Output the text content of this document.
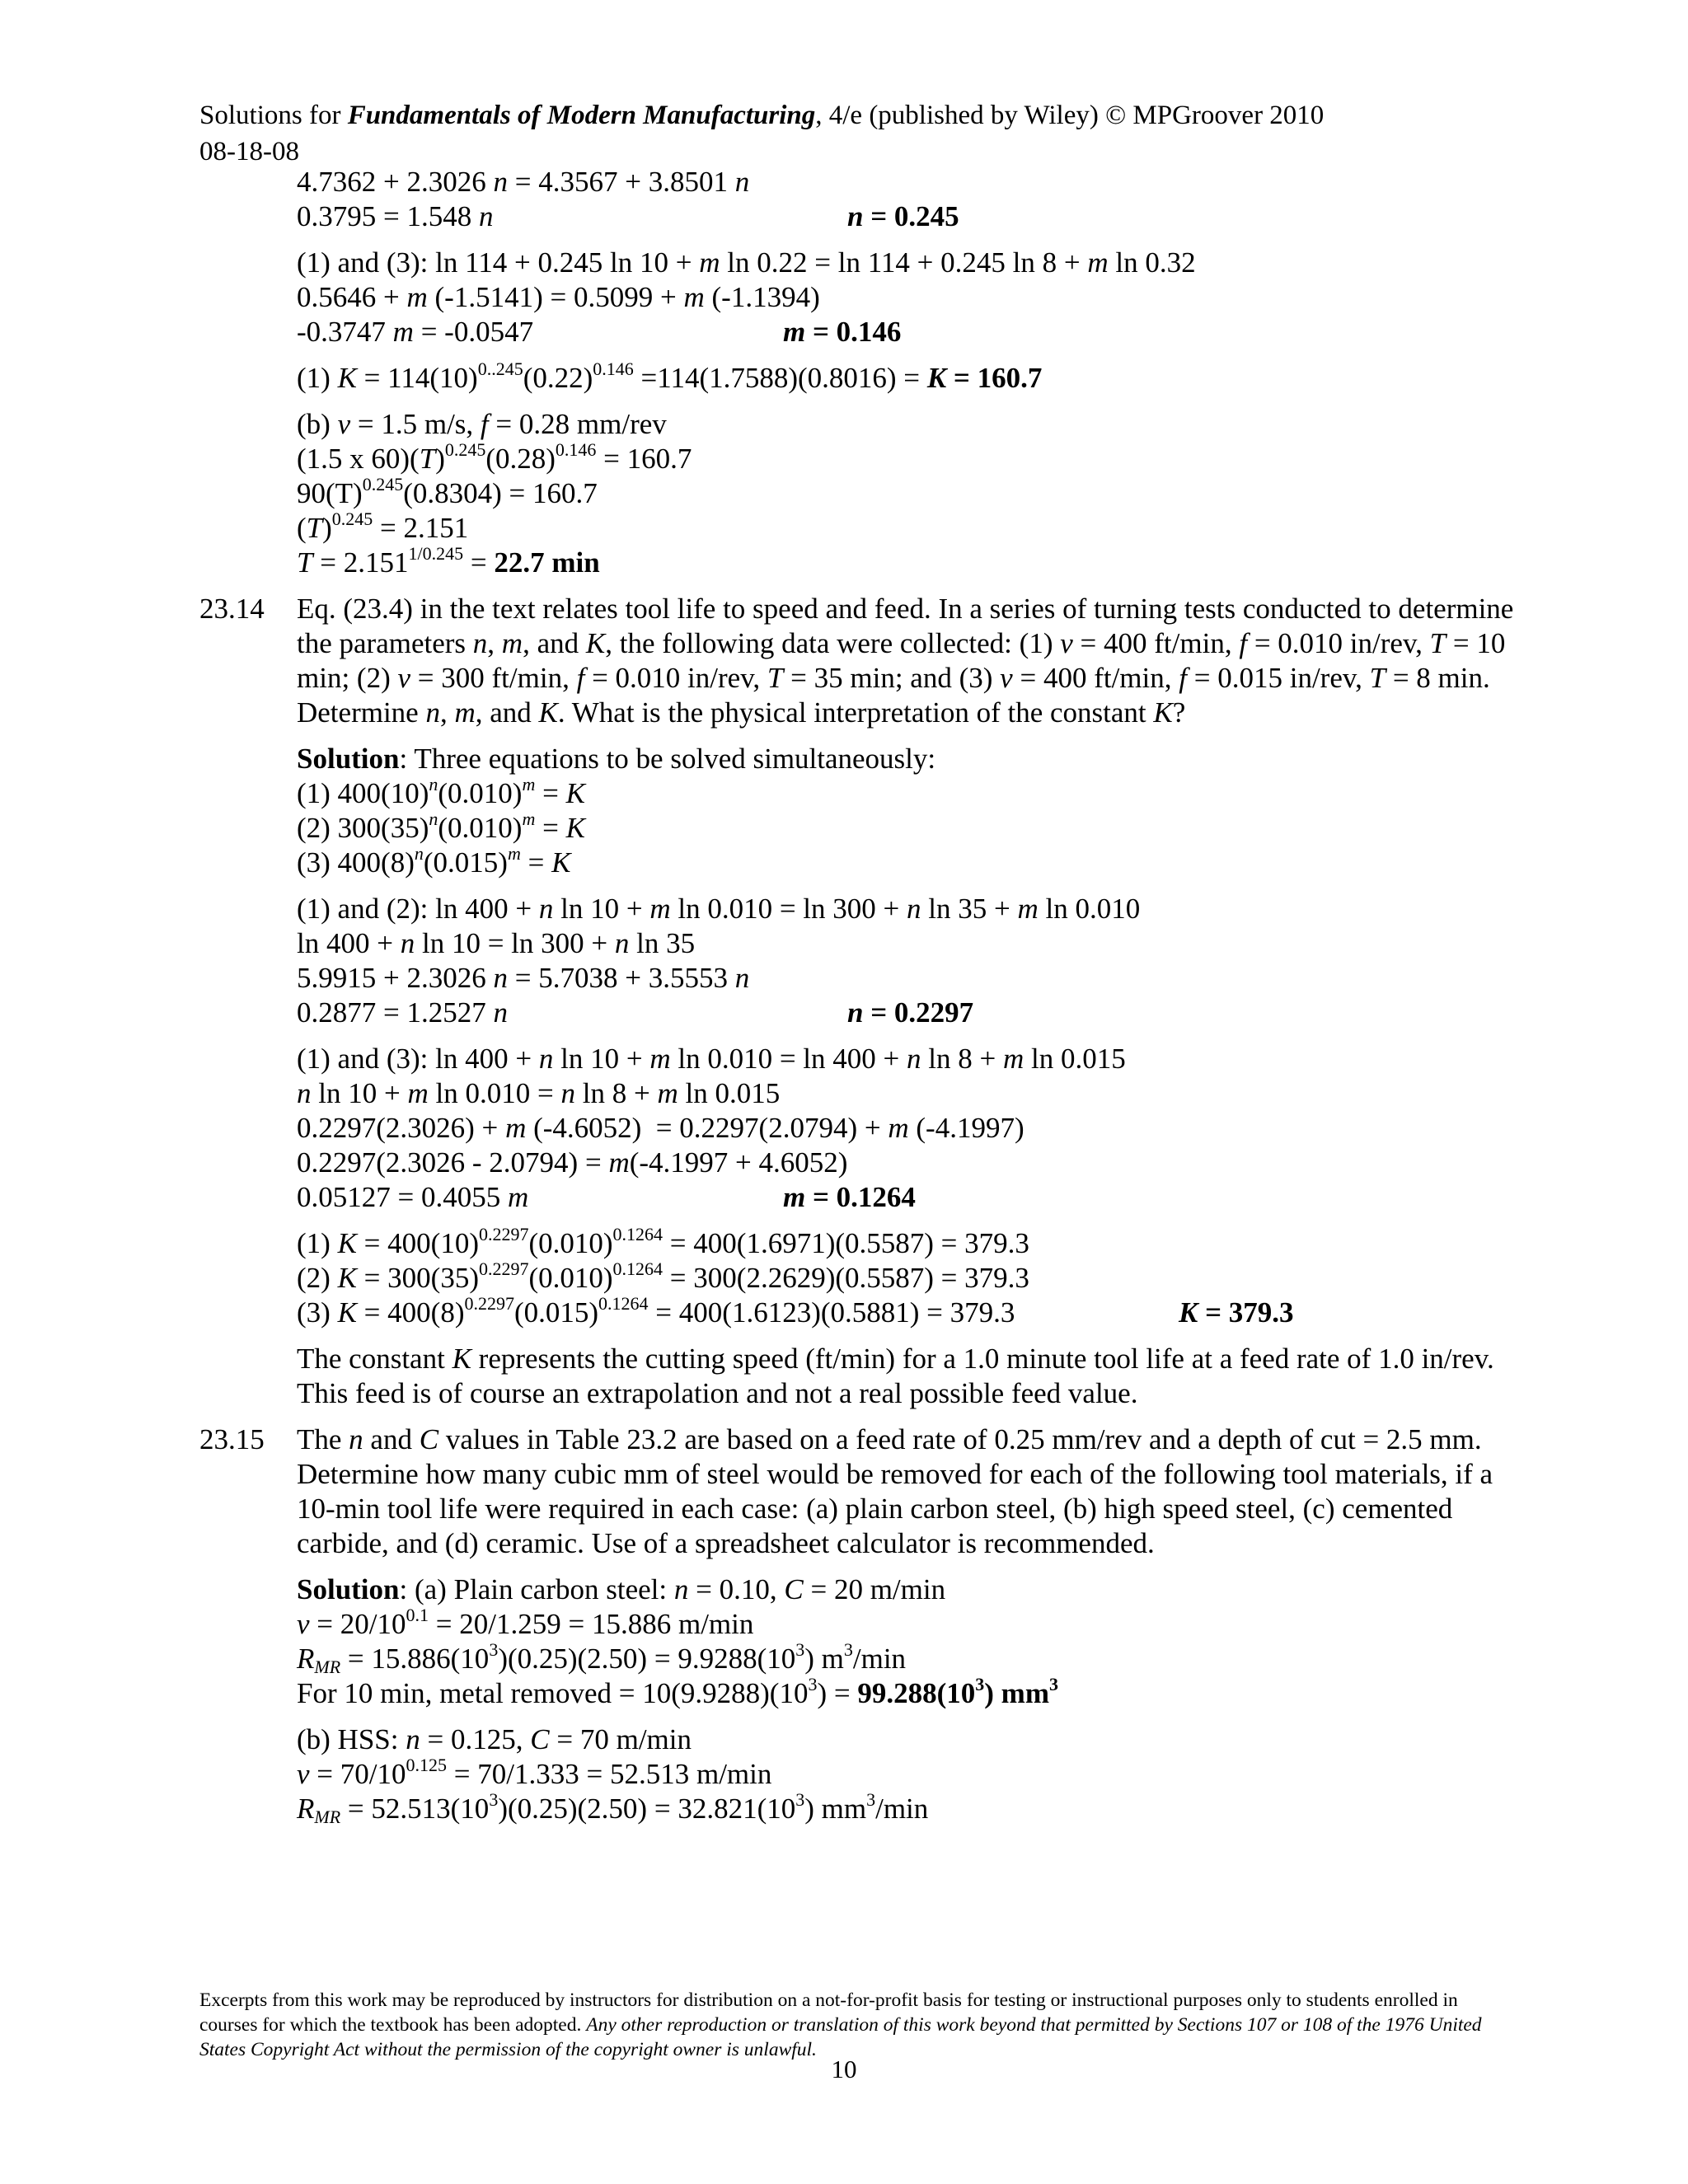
Solutions for Fundamentals of Modern Manufacturing, 4/e (published by Wiley) © MPGroover 2010
08-18-08
4.7362 + 2.3026 n = 4.3567 + 3.8501 n
0.3795 = 1.548 n	n = 0.245
(1) and (3): ln 114 + 0.245 ln 10 + m ln 0.22 = ln 114 + 0.245 ln 8 + m ln 0.32
0.5646 + m (-1.5141) = 0.5099 + m (-1.1394)
-0.3747 m = -0.0547	m = 0.146
(1) $K = 114(10)^{0..245}(0.22)^{0.146} =114(1.7588)(0.8016) = K = 160.7$
(b) v = 1.5 m/s, f = 0.28 mm/rev
(1.5 x $60)(T)^{0.245}(0.28)^{0.146} = 160.7$
$90(T)^{0.245}(0.8304) = 160.7$
$(T)^{0.245} = 2.151$
$T = 2.151^{1/0.245} = 22.7$ min
23.14 Eq. (23.4) in the text relates tool life to speed and feed. In a series of turning tests conducted to determine the parameters n, m, and K, the following data were collected: (1) v = 400 ft/min, f = 0.010 in/rev, T = 10 min; (2) v = 300 ft/min, f = 0.010 in/rev, T = 35 min; and (3) v = 400 ft/min, f = 0.015 in/rev, T = 8 min. Determine n, m, and K. What is the physical interpretation of the constant K?
Solution: Three equations to be solved simultaneously:
(1) $400(10)^n(0.010)^m = K$
(2) $300(35)^n(0.010)^m = K$
(3) $400(8)^n(0.015)^m = K$
(1) and (2): ln 400 + n ln 10 + m ln 0.010 = ln 300 + n ln 35 + m ln 0.010
ln 400 + n ln 10 = ln 300 + n ln 35
5.9915 + 2.3026 n = 5.7038 + 3.5553 n
0.2877 = 1.2527 n	n = 0.2297
(1) and (3): ln 400 + n ln 10 + m ln 0.010 = ln 400 + n ln 8 + m ln 0.015
n ln 10 + m ln 0.010 = n ln 8 + m ln 0.015
0.2297(2.3026) + m (-4.6052)  = 0.2297(2.0794) + m (-4.1997)
0.2297(2.3026 - 2.0794) = m(-4.1997 + 4.6052)
0.05127 = 0.4055 m	m = 0.1264
(1) $K = 400(10)^{0.2297}(0.010)^{0.1264} = 400(1.6971)(0.5587) = 379.3$
(2) $K = 300(35)^{0.2297}(0.010)^{0.1264} = 300(2.2629)(0.5587) = 379.3$
(3) $K = 400(8)^{0.2297}(0.015)^{0.1264} = 400(1.6123)(0.5881) = 379.3$	K = 379.3
The constant K represents the cutting speed (ft/min) for a 1.0 minute tool life at a feed rate of 1.0 in/rev. This feed is of course an extrapolation and not a real possible feed value.
23.15 The n and C values in Table 23.2 are based on a feed rate of 0.25 mm/rev and a depth of cut = 2.5 mm. Determine how many cubic mm of steel would be removed for each of the following tool materials, if a 10-min tool life were required in each case: (a) plain carbon steel, (b) high speed steel, (c) cemented carbide, and (d) ceramic. Use of a spreadsheet calculator is recommended.
Solution: (a) Plain carbon steel: n = 0.10, C = 20 m/min
$v = 20/10^{0.1} = 20/1.259 = 15.886$ m/min
$R_{MR} = 15.886(10^3)(0.25)(2.50) = 9.9288(10^3)$ $m^3/\min$
For 10 min, metal removed = $10(9.9288)(10^3) = 99.288(10^3)$ $mm^3$
(b) HSS: n = 0.125, C = 70 m/min
$v = 70/10^{0.125} = 70/1.333 = 52.513$ m/min
$R_{MR} = 52.513(10^3)(0.25)(2.50) = 32.821(10^3)$ $mm^3/\min$
Excerpts from this work may be reproduced by instructors for distribution on a not-for-profit basis for testing or instructional purposes only to students enrolled in courses for which the textbook has been adopted. Any other reproduction or translation of this work beyond that permitted by Sections 107 or 108 of the 1976 United States Copyright Act without the permission of the copyright owner is unlawful.
10
